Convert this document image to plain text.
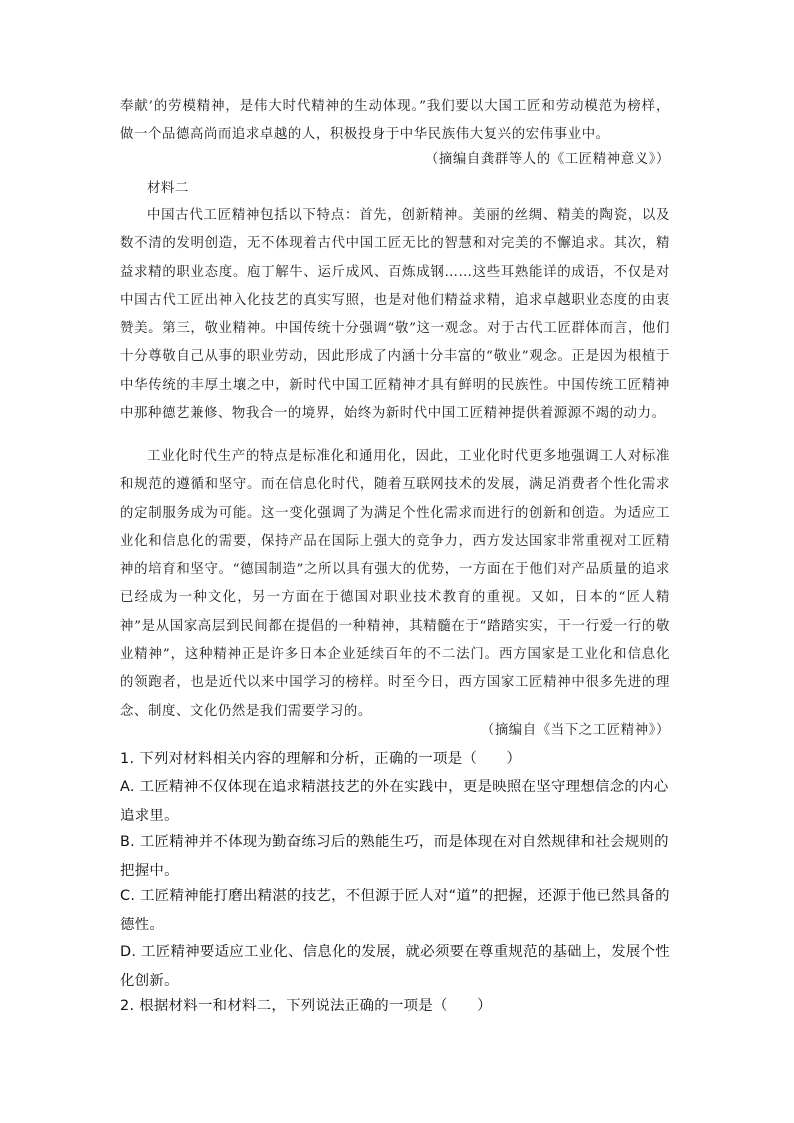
奉献’的劳模精神，是伟大时代精神的生动体现。”我们要以大国工匠和劳动模范为榜样，做一个品德高尚而追求卓越的人，积极投身于中华民族伟大复兴的宏伟事业中。

（摘编自龚群等人的《工匠精神意义》）
材料二

中国古代工匠精神包括以下特点：首先，创新精神。美丽的丝绸、精美的陶瓷，以及数不清的发明创造，无不体现着古代中国工匠无比的智慧和对完美的不懈追求。其次，精益求精的职业态度。庖丁解牛、运斤成风、百炼成钢……这些耳熟能详的成语，不仅是对中国古代工匠出神入化技艺的真实写照，也是对他们精益求精，追求卓越职业态度的由衷赞美。第三，敬业精神。中国传统十分强调“敬”这一观念。对于古代工匠群体而言，他们十分尊敬自己从事的职业劳动，因此形成了内涵十分丰富的“敬业”观念。正是因为根植于中华传统的丰厚土壤之中，新时代中国工匠精神才具有鲜明的民族性。中国传统工匠精神中那种德艺兼修、物我合一的境界，始终为新时代中国工匠精神提供着源源不竭的动力。

工业化时代生产的特点是标准化和通用化，因此，工业化时代更多地强调工人对标准和规范的遵循和坚守。而在信息化时代，随着互联网技术的发展，满足消费者个性化需求的定制服务成为可能。这一变化强调了为满足个性化需求而进行的创新和创造。为适应工业化和信息化的需要，保持产品在国际上强大的竞争力，西方发达国家非常重视对工匠精神的培育和坚守。“德国制造”之所以具有强大的优势，一方面在于他们对产品质量的追求已经成为一种文化，另一方面在于德国对职业技术教育的重视。又如，日本的“匠人精神”是从国家高层到民间都在提倡的一种精神，其精髓在于“踏踏实实，干一行爱一行的敬业精神”，这种精神正是许多日本企业延续百年的不二法门。西方国家是工业化和信息化的领跑者，也是近代以来中国学习的榜样。时至今日，西方国家工匠精神中很多先进的理念、制度、文化仍然是我们需要学习的。

（摘编自《当下之工匠精神》）

1. 下列对材料相关内容的理解和分析，正确的一项是（　　）

A. 工匠精神不仅体现在追求精湛技艺的外在实践中，更是映照在坚守理想信念的内心追求里。

B. 工匠精神并不体现为勤奋练习后的熟能生巧，而是体现在对自然规律和社会规则的把握中。

C. 工匠精神能打磨出精湛的技艺，不但源于匠人对“道”的把握，还源于他已然具备的德性。

D. 工匠精神要适应工业化、信息化的发展，就必须要在尊重规范的基础上，发展个性化创新。

2. 根据材料一和材料二，下列说法正确的一项是（　　）
